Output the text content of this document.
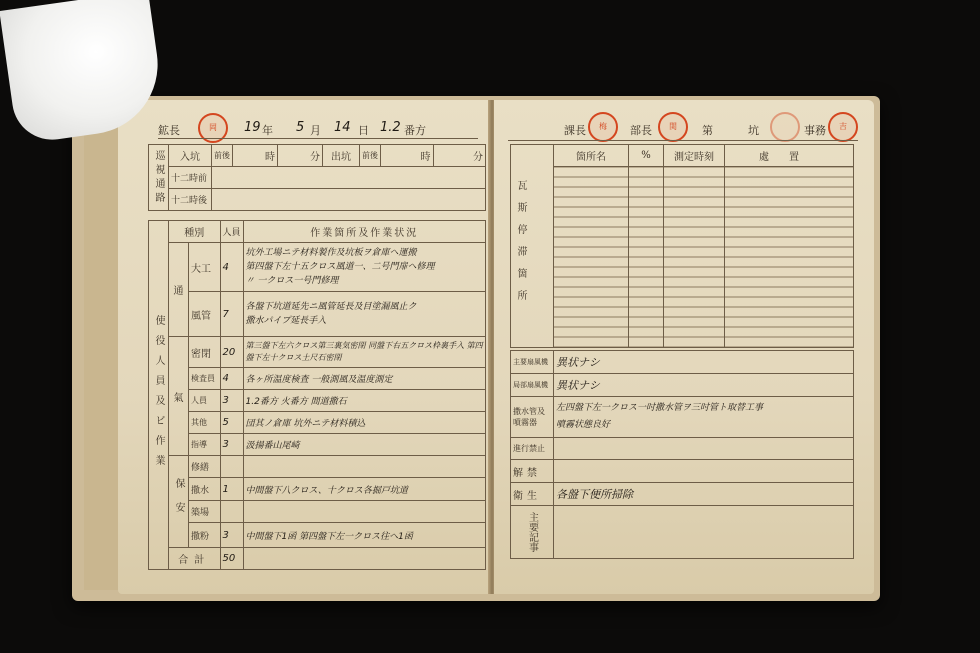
鉱長	岡	19 年 5 月 14 日 1.2 番方
巡視通路	入坑	前後	時	分	出坑	前後	時	分
	十二時前							
	十二時後							
使役人員及ビ作業	種別		人員	作業箇所及作業状況
	通	大工	4	坑外工場ニテ材料製作及坑板ヲ倉庫ヘ運搬
第四盤下左十五クロス風道一、二号門扉ヘ修理
〃 一クロス一号門修理
		風管	7	各盤下坑道延先ニ風管延長及目塗漏風止ク
撒水パイプ延長手入
	氣	密閉	20	第三盤下左六クロス第三裏気密閉 同盤下右五クロス枠裏手入 第四盤下左十クロス土尺石密閉
		検査員	4	各ヶ所温度検査 一般測風及温度測定
		人員	3	1.2番方 火番方 間道撒石
		其他	5	団其ノ倉庫 坑外ニテ材料積込
		指導	3	汲揚番山尾崎

	保安	修繕		
		撒水	1	中間盤下八クロス、十クロス各掘戸坑道
		築場		
		撒粉	3	中間盤下1函 第四盤下左一クロス往ヘ1函
	合計		50	
課長	梅	部長	関	第	坑	事務	吉
瓦斯停滞箇所	箇所名	%	測定時刻	處置

主要扇風機	異状ナシ
局部扇風機	異状ナシ
撒水管及噴霧器	左四盤下左一クロス一吋撒水管ヲ三吋管ト取替工事
噴霧状態良好
進行禁止	
解禁	
衛生	各盤下便所掃除

主要記事	
